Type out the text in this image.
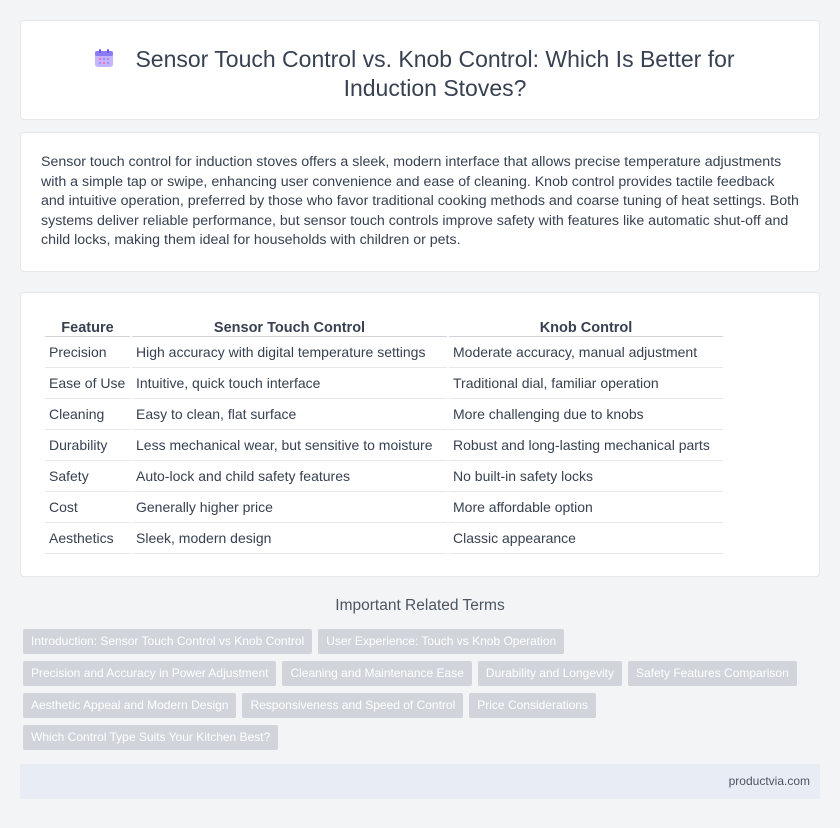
Sensor Touch Control vs. Knob Control: Which Is Better for Induction Stoves?

Sensor touch control for induction stoves offers a sleek, modern interface that allows precise temperature adjustments with a simple tap or swipe, enhancing user convenience and ease of cleaning. Knob control provides tactile feedback and intuitive operation, preferred by those who favor traditional cooking methods and coarse tuning of heat settings. Both systems deliver reliable performance, but sensor touch controls improve safety with features like automatic shut-off and child locks, making them ideal for households with children or pets.

Feature	Sensor Touch Control	Knob Control
Precision	High accuracy with digital temperature settings	Moderate accuracy, manual adjustment
Ease of Use	Intuitive, quick touch interface	Traditional dial, familiar operation
Cleaning	Easy to clean, flat surface	More challenging due to knobs
Durability	Less mechanical wear, but sensitive to moisture	Robust and long-lasting mechanical parts
Safety	Auto-lock and child safety features	No built-in safety locks
Cost	Generally higher price	More affordable option
Aesthetics	Sleek, modern design	Classic appearance
Important Related Terms
Introduction: Sensor Touch Control vs Knob Control	User Experience: Touch vs Knob Operation
Precision and Accuracy in Power Adjustment	Cleaning and Maintenance Ease	Durability and Longevity	Safety Features Comparison
Aesthetic Appeal and Modern Design	Responsiveness and Speed of Control	Price Considerations
Which Control Type Suits Your Kitchen Best?
productvia.com
